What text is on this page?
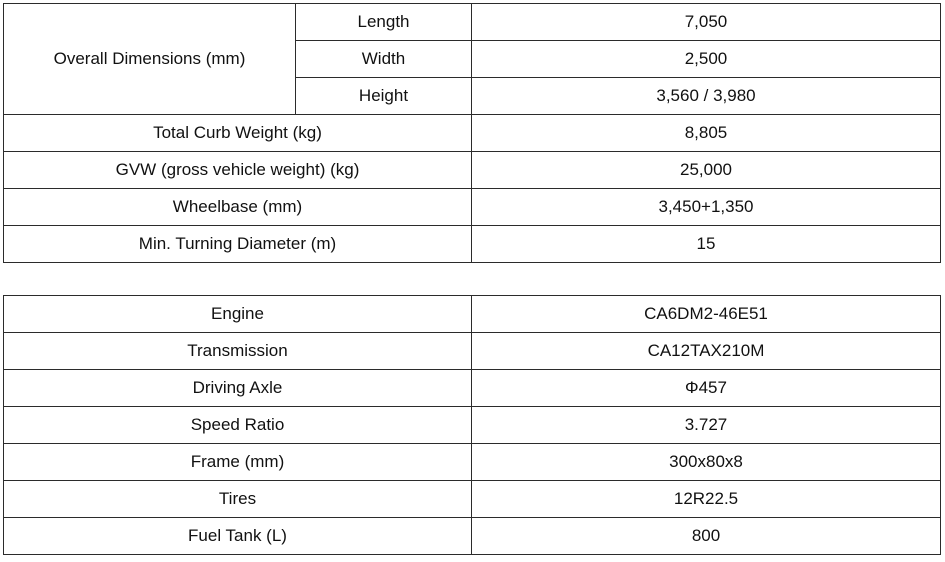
Overall Dimensions (mm)	Length	7,050
	Width	2,500
	Height	3,560 / 3,980
Total Curb Weight (kg)		8,805
GVW (gross vehicle weight) (kg)		25,000
Wheelbase (mm)		3,450+1,350
Min. Turning Diameter (m)		15
Engine	CA6DM2-46E51
Transmission	CA12TAX210M
Driving Axle	Φ457
Speed Ratio	3.727
Frame (mm)	300x80x8
Tires	12R22.5
Fuel Tank (L)	800
